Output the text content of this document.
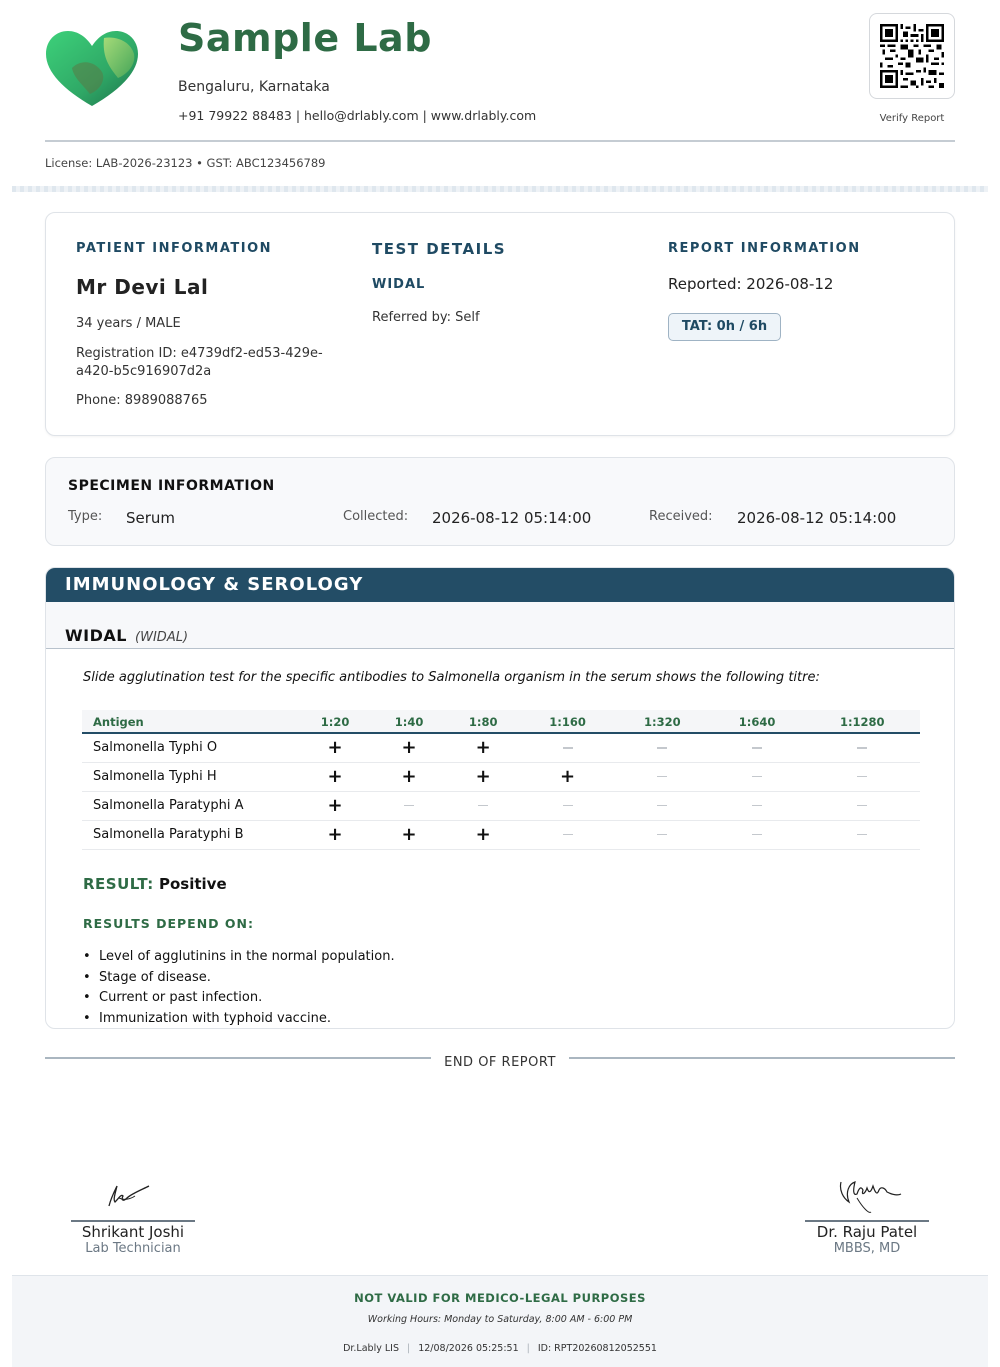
Sample Lab
Bengaluru, Karnataka
+91 79922 88483 | hello@drlably.com | www.drlably.com	Verify Report
License: LAB-2026-23123 • GST: ABC123456789
PATIENT INFORMATION
Mr Devi Lal
34 years / MALE
Registration ID: e4739df2-ed53-429e-
a420-b5c916907d2a
Phone: 8989088765
TEST DETAILS
WIDAL
Referred by: Self
REPORT INFORMATION
Reported: 2026-08-12
TAT: 0h / 6h
SPECIMEN INFORMATION
Type: Serum	Collected: 2026-08-12 05:14:00	Received: 2026-08-12 05:14:00
IMMUNOLOGY & SEROLOGY
WIDAL (WIDAL)
Slide agglutination test for the specific antibodies to Salmonella organism in the serum shows the following titre:
Antigen	1:20	1:40	1:80	1:160	1:320	1:640	1:1280
Salmonella Typhi O	+	+	+				
Salmonella Typhi H	+	+	+	+			
Salmonella Paratyphi A	+						
Salmonella Paratyphi B	+	+	+				
RESULT: Positive
RESULTS DEPEND ON:
• Level of agglutinins in the normal population.
• Stage of disease.
• Current or past infection.
• Immunization with typhoid vaccine.
END OF REPORT
Shrikant Joshi
Lab Technician
Dr. Raju Patel
MBBS, MD
NOT VALID FOR MEDICO-LEGAL PURPOSES
Working Hours: Monday to Saturday, 8:00 AM - 6:00 PM
Dr.Lably LIS | 12/08/2026 05:25:51 | ID: RPT20260812052551
